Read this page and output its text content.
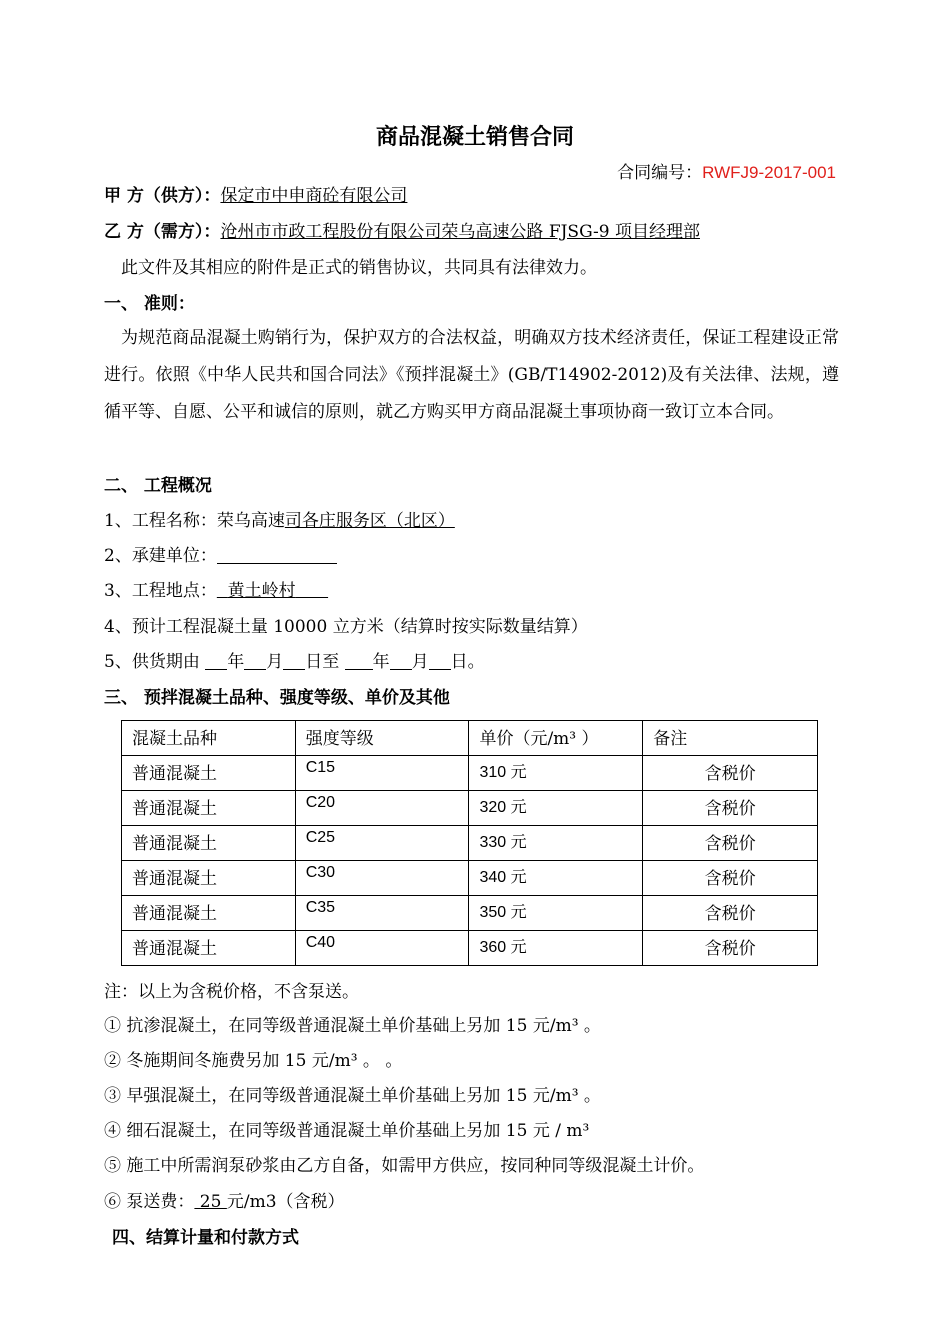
商品混凝土销售合同
合同编号：RWFJ9-2017-001
甲 方（供方）：保定市中申商砼有限公司
乙 方（需方）：沧州市市政工程股份有限公司荣乌高速公路 FJSG-9 项目经理部
此文件及其相应的附件是正式的销售协议，共同具有法律效力。
一、 准则：
为规范商品混凝土购销行为，保护双方的合法权益，明确双方技术经济责任，保证工程建设正常进行。依照《中华人民共和国合同法》《预拌混凝土》(GB/T14902-2012)及有关法律、法规，遵循平等、自愿、公平和诚信的原则，就乙方购买甲方商品混凝土事项协商一致订立本合同。
二、 工程概况
1、工程名称：荣乌高速司各庄服务区（北区）
2、承建单位：
3、工程地点： 黄土岭村
4、预计工程混凝土量 10000 立方米（结算时按实际数量结算）
5、供货期由 年 月 日至 年 月 日。
三、 预拌混凝土品种、强度等级、单价及其他
混凝土品种	强度等级	单价（元/m³ ）	备注
普通混凝土	C15	310 元	含税价
普通混凝土	C20	320 元	含税价
普通混凝土	C25	330 元	含税价
普通混凝土	C30	340 元	含税价
普通混凝土	C35	350 元	含税价
普通混凝土	C40	360 元	含税价
注：以上为含税价格，不含泵送。
① 抗渗混凝土，在同等级普通混凝土单价基础上另加 15 元/m³ 。
② 冬施期间冬施费另加 15 元/m³ 。 。
③ 早强混凝土，在同等级普通混凝土单价基础上另加 15 元/m³ 。
④ 细石混凝土，在同等级普通混凝土单价基础上另加 15 元 / m³
⑤ 施工中所需润泵砂浆由乙方自备，如需甲方供应，按同种同等级混凝土计价。
⑥ 泵送费： 25 元/m3（含税）
四、结算计量和付款方式
